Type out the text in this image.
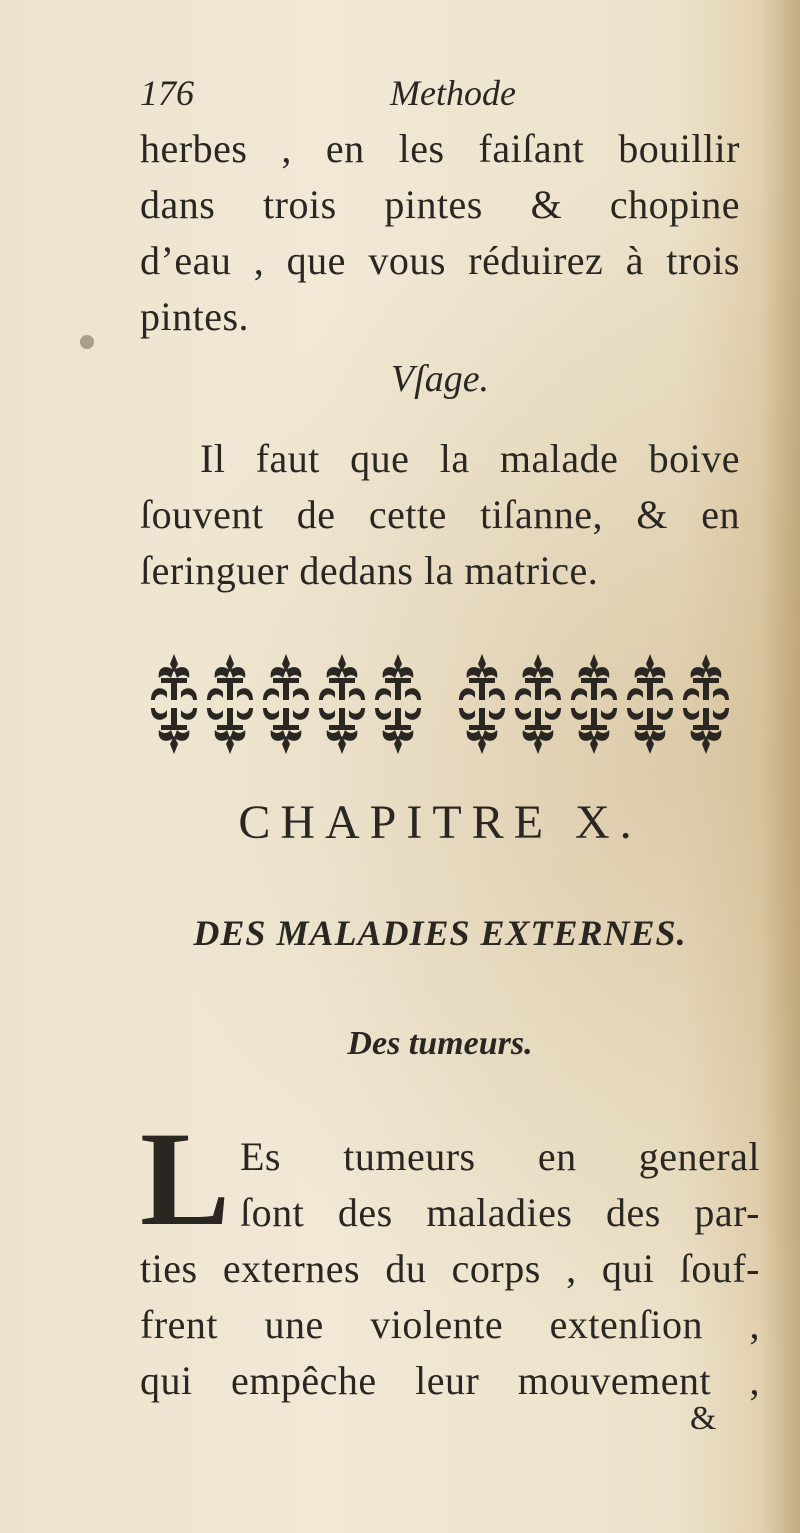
176	Methode
herbes , en les faiſant bouillir
dans trois pintes & chopine
d’eau , que vous réduirez à trois
pintes.
Vſage.
Il faut que la malade boive
ſouvent de cette tiſanne, & en
ſeringuer dedans la matrice.
CHAPITRE X.
DES MALADIES EXTERNES.
Des tumeurs.
L Es tumeurs en general
ſont des maladies des par-
ties externes du corps , qui ſouf-
frent une violente extenſion ,
qui empêche leur mouvement ,
&
